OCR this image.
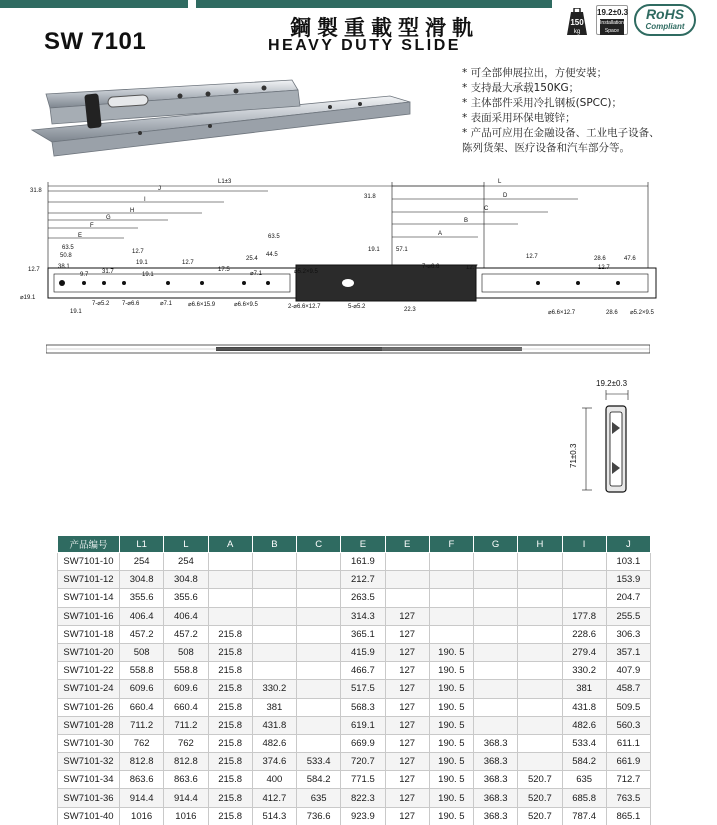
SW 7101	鋼製重載型滑軌
HEAVY DUTY SLIDE
150
kg
19.2±0.3
Installation Space
RoHS
Compliant
* 可全部伸展拉出，方便安裝；
* 支持最大承载150KG；
* 主体部件采用冷扎钢板(SPCC)；
* 表面采用环保电镀锌；
* 产品可应用在金融设备、工业电子设备、
陈列货架、医疗设备和汽车部分等。
L1±3
J
I
H
G
F
E
L
D
C
B
A
31.8
63.5
50.8
38.1
12.7
12.7
19.1	12.7
17.5
25.4
44.5
63.5
⌀7.1	⌀5.2×9.5
31.8
19.1	57.1
7-⌀6.6	12.7
12.7	28.6	47.6
12.7
9.7 31.7	19.1
⌀19.1
19.1
7-⌀5.2 7-⌀6.6	⌀7.1	⌀6.6×15.9	⌀6.6×9.5	2-⌀6.6×12.7	5-⌀5.2	22.3	⌀6.6×12.7	28.6 ⌀5.2×9.5
19.2±0.3
71±0.3
产品编号	L1	L	A	B	C	E	E	F	G	H	I	J
SW7101-10	254	254				161.9						103.1
SW7101-12	304.8	304.8				212.7						153.9
SW7101-14	355.6	355.6				263.5						204.7
SW7101-16	406.4	406.4				314.3	127				177.8	255.5
SW7101-18	457.2	457.2	215.8			365.1	127				228.6	306.3
SW7101-20	508	508	215.8			415.9	127	190. 5			279.4	357.1
SW7101-22	558.8	558.8	215.8			466.7	127	190. 5			330.2	407.9
SW7101-24	609.6	609.6	215.8	330.2		517.5	127	190. 5			381	458.7
SW7101-26	660.4	660.4	215.8	381		568.3	127	190. 5			431.8	509.5
SW7101-28	711.2	711.2	215.8	431.8		619.1	127	190. 5			482.6	560.3
SW7101-30	762	762	215.8	482.6		669.9	127	190. 5	368.3		533.4	611.1
SW7101-32	812.8	812.8	215.8	374.6	533.4	720.7	127	190. 5	368.3		584.2	661.9
SW7101-34	863.6	863.6	215.8	400	584.2	771.5	127	190. 5	368.3	520.7	635	712.7
SW7101-36	914.4	914.4	215.8	412.7	635	822.3	127	190. 5	368.3	520.7	685.8	763.5
SW7101-40	1016	1016	215.8	514.3	736.6	923.9	127	190. 5	368.3	520.7	787.4	865.1
